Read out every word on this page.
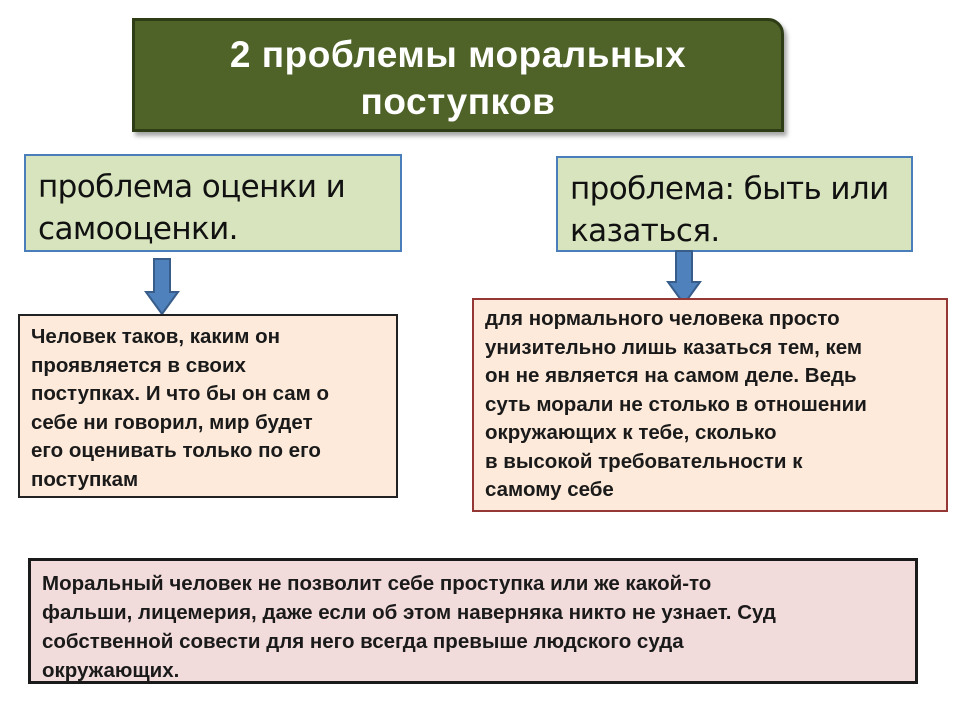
2 проблемы моральных
поступков
проблема оценки и
самооценки.
проблема: быть или
казаться.
Человек таков, каким он
проявляется в своих
поступках. И что бы он сам о
себе ни говорил, мир будет
его оценивать только по его
поступкам
для нормального человека просто
унизительно лишь казаться тем, кем
он не является на самом деле. Ведь
суть морали не столько в отношении
окружающих к тебе, сколько
в высокой требовательности к
самому себе
Моральный человек не позволит себе проступка или же какой-то
фальши, лицемерия, даже если об этом наверняка никто не узнает. Суд
собственной совести для него всегда превыше людского суда
окружающих.
